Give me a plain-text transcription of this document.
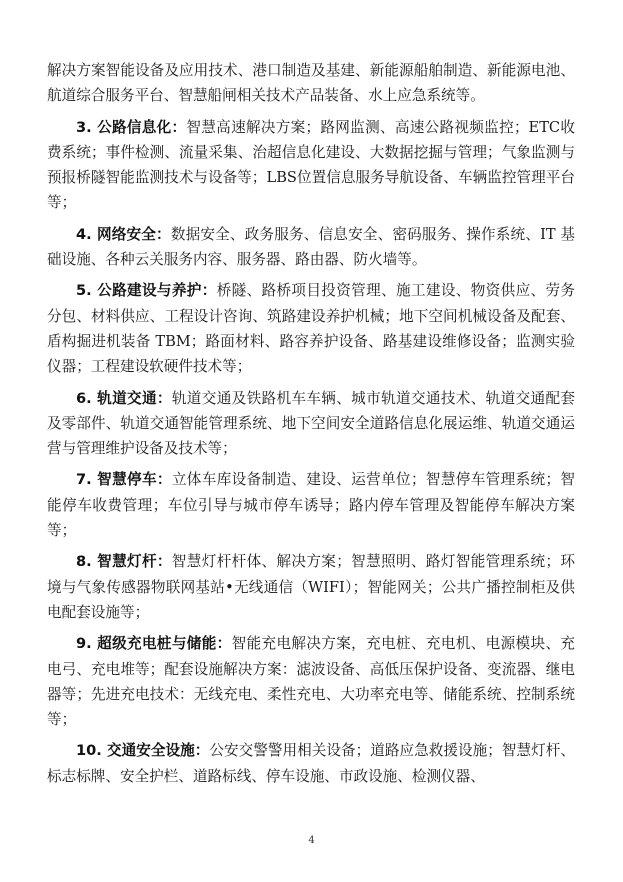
解决方案智能设备及应用技术、港口制造及基建、新能源船舶制造、新能源电池、航道综合服务平台、智慧船闸相关技术产品装备、水上应急系统等。

3. 公路信息化：智慧高速解决方案；路网监测、高速公路视频监控；ETC收费系统；事件检测、流量采集、治超信息化建设、大数据挖掘与管理；气象监测与预报桥隧智能监测技术与设备等；LBS位置信息服务导航设备、车辆监控管理平台等；

4. 网络安全：数据安全、政务服务、信息安全、密码服务、操作系统、IT 基础设施、各种云关服务内容、服务器、路由器、防火墙等。

5. 公路建设与养护：桥隧、路桥项目投资管理、施工建设、物资供应、劳务分包、材料供应、工程设计咨询、筑路建设养护机械；地下空间机械设备及配套、盾构掘进机装备 TBM；路面材料、路容养护设备、路基建设维修设备；监测实验仪器；工程建设软硬件技术等；

6. 轨道交通：轨道交通及铁路机车车辆、城市轨道交通技术、轨道交通配套及零部件、轨道交通智能管理系统、地下空间安全道路信息化展运维、轨道交通运营与管理维护设备及技术等；

7. 智慧停车：立体车库设备制造、建设、运营单位；智慧停车管理系统；智能停车收费管理；车位引导与城市停车诱导；路内停车管理及智能停车解决方案等；

8. 智慧灯杆：智慧灯杆杆体、解决方案；智慧照明、路灯智能管理系统；环境与气象传感器物联网基站•无线通信（WIFI）；智能网关；公共广播控制柜及供电配套设施等；

9. 超级充电桩与储能：智能充电解决方案，充电桩、充电机、电源模块、充电弓、充电堆等；配套设施解决方案：滤波设备、高低压保护设备、变流器、继电器等；先进充电技术：无线充电、柔性充电、大功率充电等、储能系统、控制系统等；

10. 交通安全设施：公安交警警用相关设备；道路应急救援设施；智慧灯杆、标志标牌、安全护栏、道路标线、停车设施、市政设施、检测仪器、

4
